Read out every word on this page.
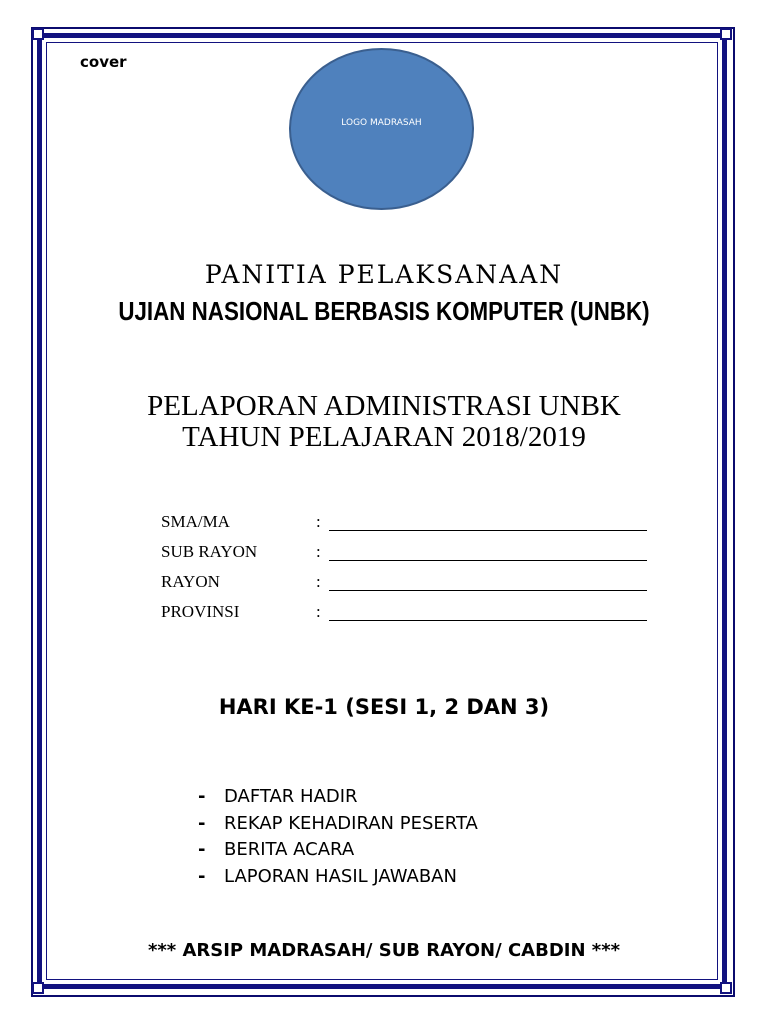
cover
LOGO MADRASAH
PANITIA PELAKSANAAN
UJIAN NASIONAL BERBASIS KOMPUTER (UNBK)
PELAPORAN ADMINISTRASI UNBK
TAHUN PELAJARAN 2018/2019
SMA/MA	:
SUB RAYON	:
RAYON	:
PROVINSI	:
HARI KE-1 (SESI 1, 2 DAN 3)
- DAFTAR HADIR
- REKAP KEHADIRAN PESERTA
- BERITA ACARA
- LAPORAN HASIL JAWABAN
*** ARSIP MADRASAH/ SUB RAYON/ CABDIN ***
